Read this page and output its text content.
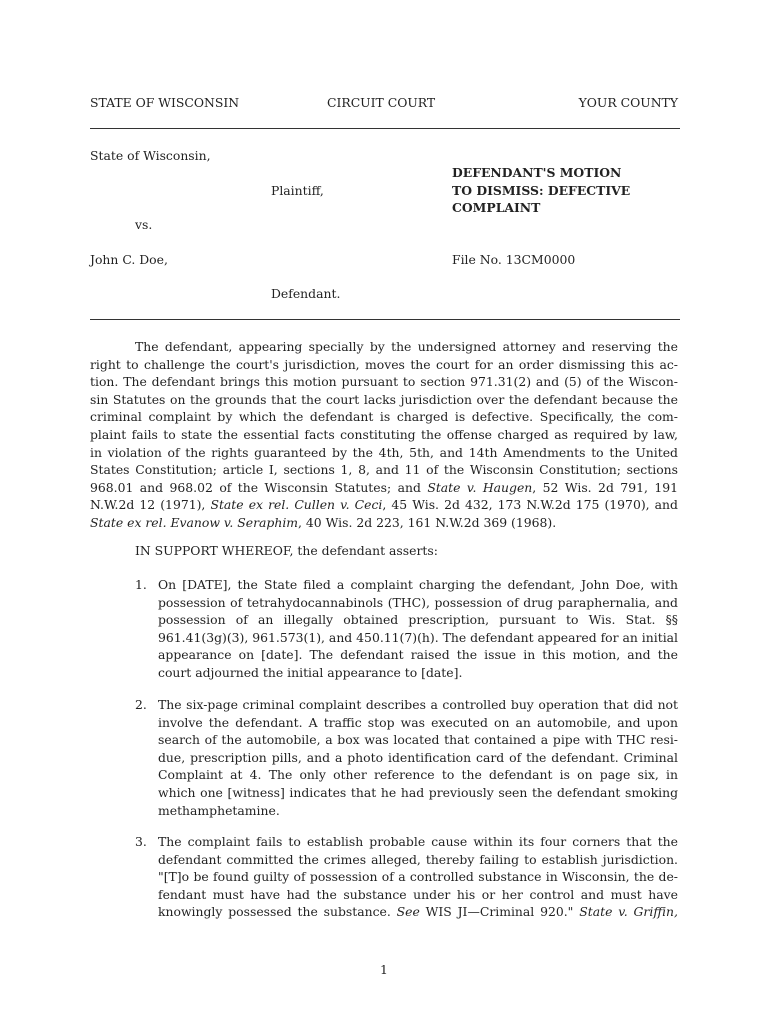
STATE OF WISCONSIN	CIRCUIT COURT	YOUR COUNTY
State of Wisconsin,
Plaintiff,
vs.
John C. Doe,
Defendant.
DEFENDANT'S MOTION
TO DISMISS: DEFECTIVE
COMPLAINT
File No. 13CM0000
The defendant, appearing specially by the undersigned attorney and reserving the
right to challenge the court's jurisdiction, moves the court for an order dismissing this ac-
tion. The defendant brings this motion pursuant to section 971.31(2) and (5) of the Wiscon-
sin Statutes on the grounds that the court lacks jurisdiction over the defendant because the
criminal complaint by which the defendant is charged is defective. Specifically, the com-
plaint fails to state the essential facts constituting the offense charged as required by law,
in violation of the rights guaranteed by the 4th, 5th, and 14th Amendments to the United
States Constitution; article I, sections 1, 8, and 11 of the Wisconsin Constitution; sections
968.01 and 968.02 of the Wisconsin Statutes; and State v. Haugen, 52 Wis. 2d 791, 191
N.W.2d 12 (1971), State ex rel. Cullen v. Ceci, 45 Wis. 2d 432, 173 N.W.2d 175 (1970), and
State ex rel. Evanow v. Seraphim, 40 Wis. 2d 223, 161 N.W.2d 369 (1968).
IN SUPPORT WHEREOF, the defendant asserts:
1. On [DATE], the State filed a complaint charging the defendant, John Doe, with
possession of tetrahydocannabinols (THC), possession of drug paraphernalia, and
possession of an illegally obtained prescription, pursuant to Wis. Stat. §§
961.41(3g)(3), 961.573(1), and 450.11(7)(h). The defendant appeared for an initial
appearance on [date]. The defendant raised the issue in this motion, and the
court adjourned the initial appearance to [date].
2. The six-page criminal complaint describes a controlled buy operation that did not
involve the defendant. A traffic stop was executed on an automobile, and upon
search of the automobile, a box was located that contained a pipe with THC resi-
due, prescription pills, and a photo identification card of the defendant. Criminal
Complaint at 4. The only other reference to the defendant is on page six, in
which one [witness] indicates that he had previously seen the defendant smoking
methamphetamine.
3. The complaint fails to establish probable cause within its four corners that the
defendant committed the crimes alleged, thereby failing to establish jurisdiction.
"[T]o be found guilty of possession of a controlled substance in Wisconsin, the de-
fendant must have had the substance under his or her control and must have
knowingly possessed the substance. See WIS JI—Criminal 920." State v. Griffin,
1
